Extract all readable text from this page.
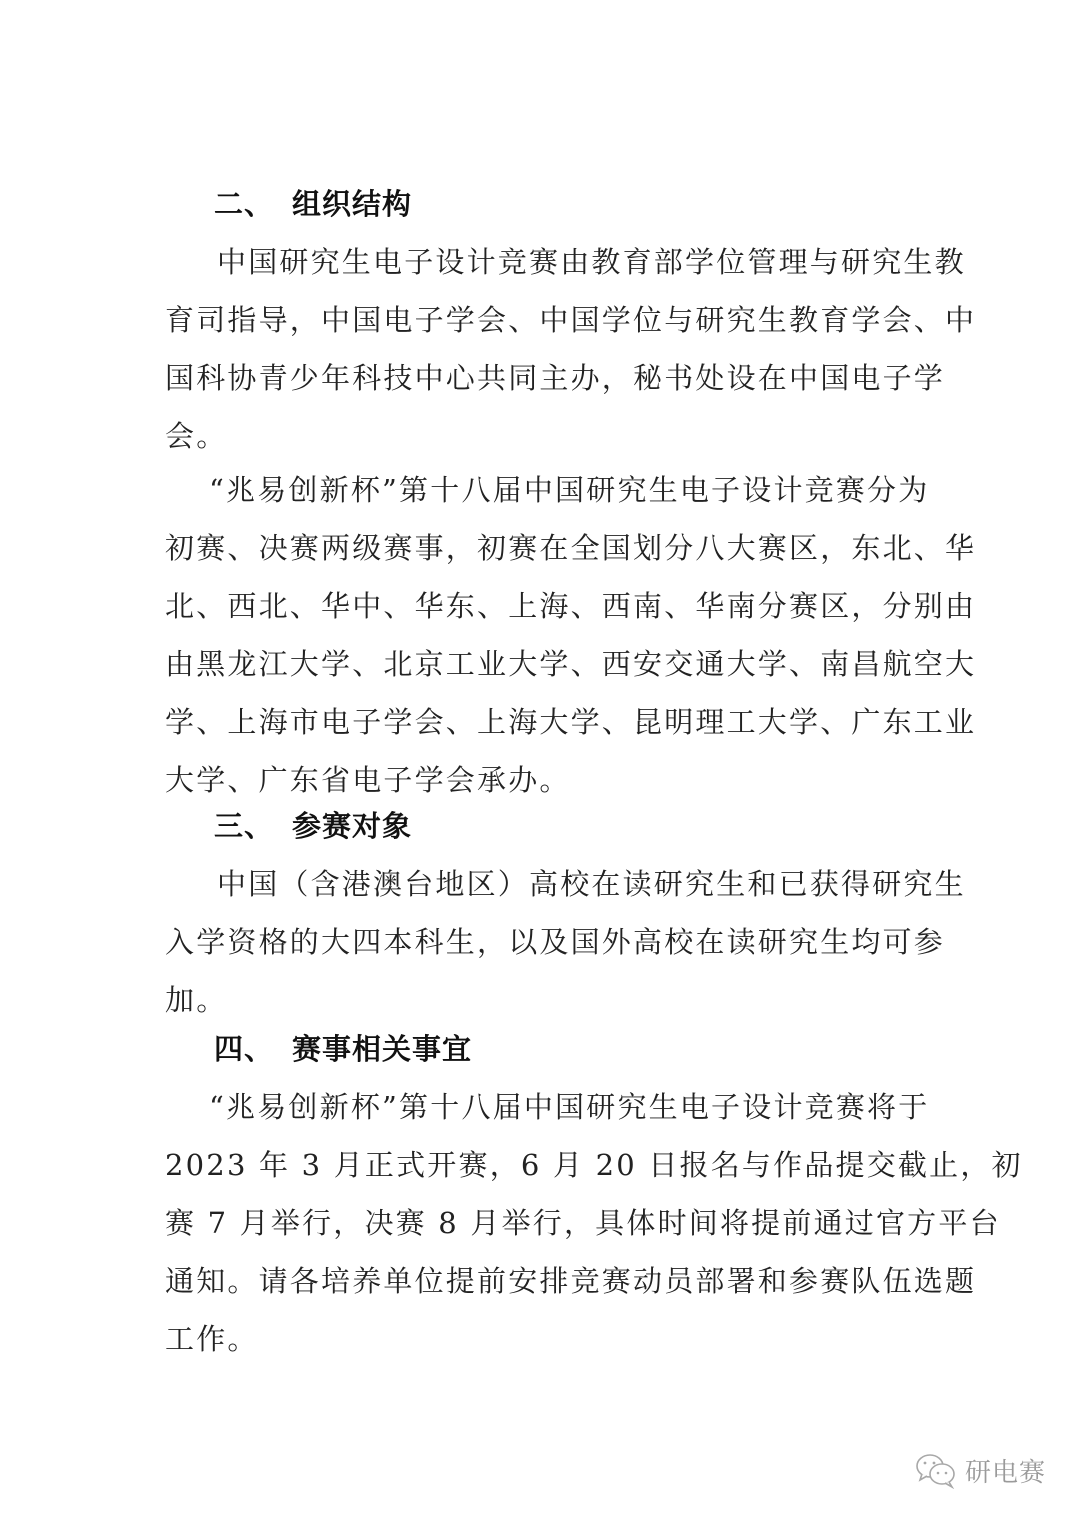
二、 组织结构
中国研究生电子设计竞赛由教育部学位管理与研究生教
育司指导，中国电子学会、中国学位与研究生教育学会、中
国科协青少年科技中心共同主办，秘书处设在中国电子学
会。
“兆易创新杯”第十八届中国研究生电子设计竞赛分为
初赛、决赛两级赛事，初赛在全国划分八大赛区，东北、华
北、西北、华中、华东、上海、西南、华南分赛区，分别由
由黑龙江大学、北京工业大学、西安交通大学、南昌航空大
学、上海市电子学会、上海大学、昆明理工大学、广东工业
大学、广东省电子学会承办。
三、 参赛对象
中国（含港澳台地区）高校在读研究生和已获得研究生
入学资格的大四本科生，以及国外高校在读研究生均可参
加。
四、 赛事相关事宜
“兆易创新杯”第十八届中国研究生电子设计竞赛将于
2023 年 3 月正式开赛，6 月 20 日报名与作品提交截止，初
赛 7 月举行，决赛 8 月举行，具体时间将提前通过官方平台
通知。请各培养单位提前安排竞赛动员部署和参赛队伍选题
工作。
研电赛
